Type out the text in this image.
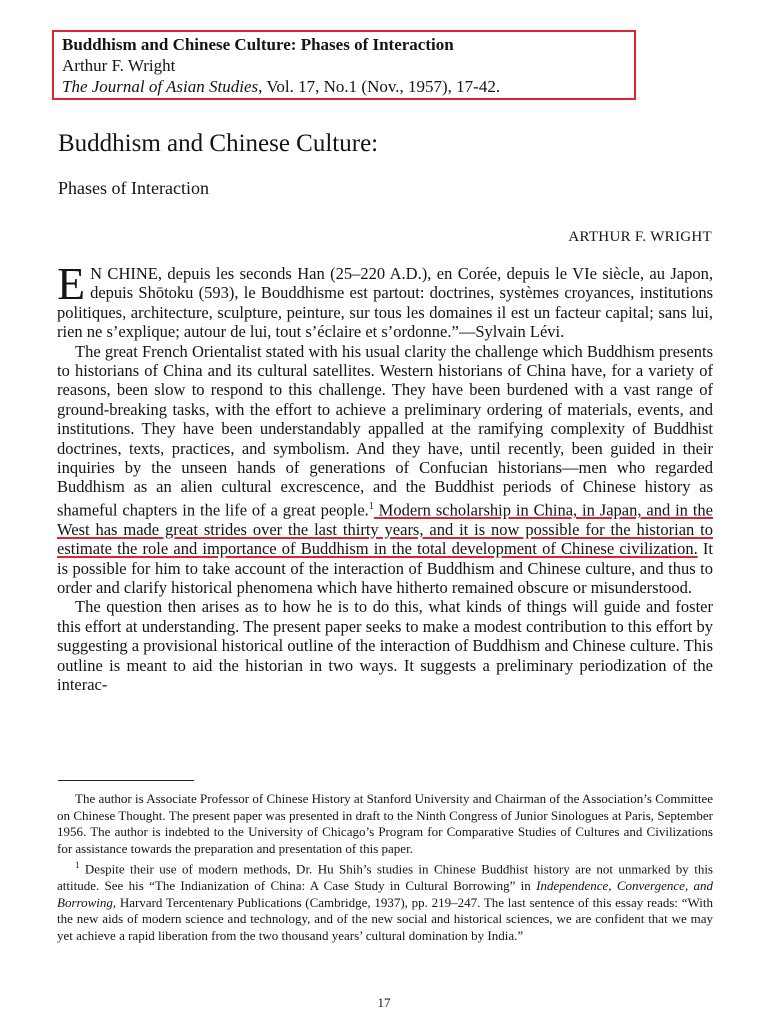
Buddhism and Chinese Culture: Phases of Interaction
Arthur F. Wright
The Journal of Asian Studies, Vol. 17, No.1 (Nov., 1957), 17-42.
Buddhism and Chinese Culture:
Phases of Interaction
ARTHUR F. WRIGHT

E N CHINE, depuis les seconds Han (25–220 A.D.), en Corée, depuis le VIe siècle, au Japon, depuis Shōtoku (593), le Bouddhisme est partout: doctrines, systèmes croyances, institutions politiques, architecture, sculpture, peinture, sur tous les domaines il est un facteur capital; sans lui, rien ne s’explique; autour de lui, tout s’éclaire et s’ordonne.”—Sylvain Lévi.

The great French Orientalist stated with his usual clarity the challenge which Buddhism presents to historians of China and its cultural satellites. Western historians of China have, for a variety of reasons, been slow to respond to this challenge. They have been burdened with a vast range of ground-breaking tasks, with the effort to achieve a preliminary ordering of materials, events, and institutions. They have been understandably appalled at the ramifying complexity of Buddhist doctrines, texts, practices, and symbolism. And they have, until recently, been guided in their inquiries by the unseen hands of generations of Confucian historians—men who regarded Buddhism as an alien cultural excrescence, and the Buddhist periods of Chinese history as shameful chapters in the life of a great people.$^1$ Modern scholarship in China, in Japan, and in the West has made great strides over the last thirty years, and it is now possible for the historian to estimate the role and importance of Buddhism in the total development of Chinese civilization. It is possible for him to take account of the interaction of Buddhism and Chinese culture, and thus to order and clarify historical phenomena which have hitherto remained obscure or misunderstood.

The question then arises as to how he is to do this, what kinds of things will guide and foster this effort at understanding. The present paper seeks to make a modest contribution to this effort by suggesting a provisional historical outline of the interaction of Buddhism and Chinese culture. This outline is meant to aid the historian in two ways. It suggests a preliminary periodization of the interac-

The author is Associate Professor of Chinese History at Stanford University and Chairman of the Association’s Committee on Chinese Thought. The present paper was presented in draft to the Ninth Congress of Junior Sinologues at Paris, September 1956. The author is indebted to the University of Chicago’s Program for Comparative Studies of Cultures and Civilizations for assistance towards the preparation and presentation of this paper.

$^1$ Despite their use of modern methods, Dr. Hu Shih’s studies in Chinese Buddhist history are not unmarked by this attitude. See his “The Indianization of China: A Case Study in Cultural Borrowing” in Independence, Convergence, and Borrowing, Harvard Tercentenary Publications (Cambridge, 1937), pp. 219–247. The last sentence of this essay reads: “With the new aids of modern science and technology, and of the new social and historical sciences, we are confident that we may yet achieve a rapid liberation from the two thousand years’ cultural domination by India.”

17
